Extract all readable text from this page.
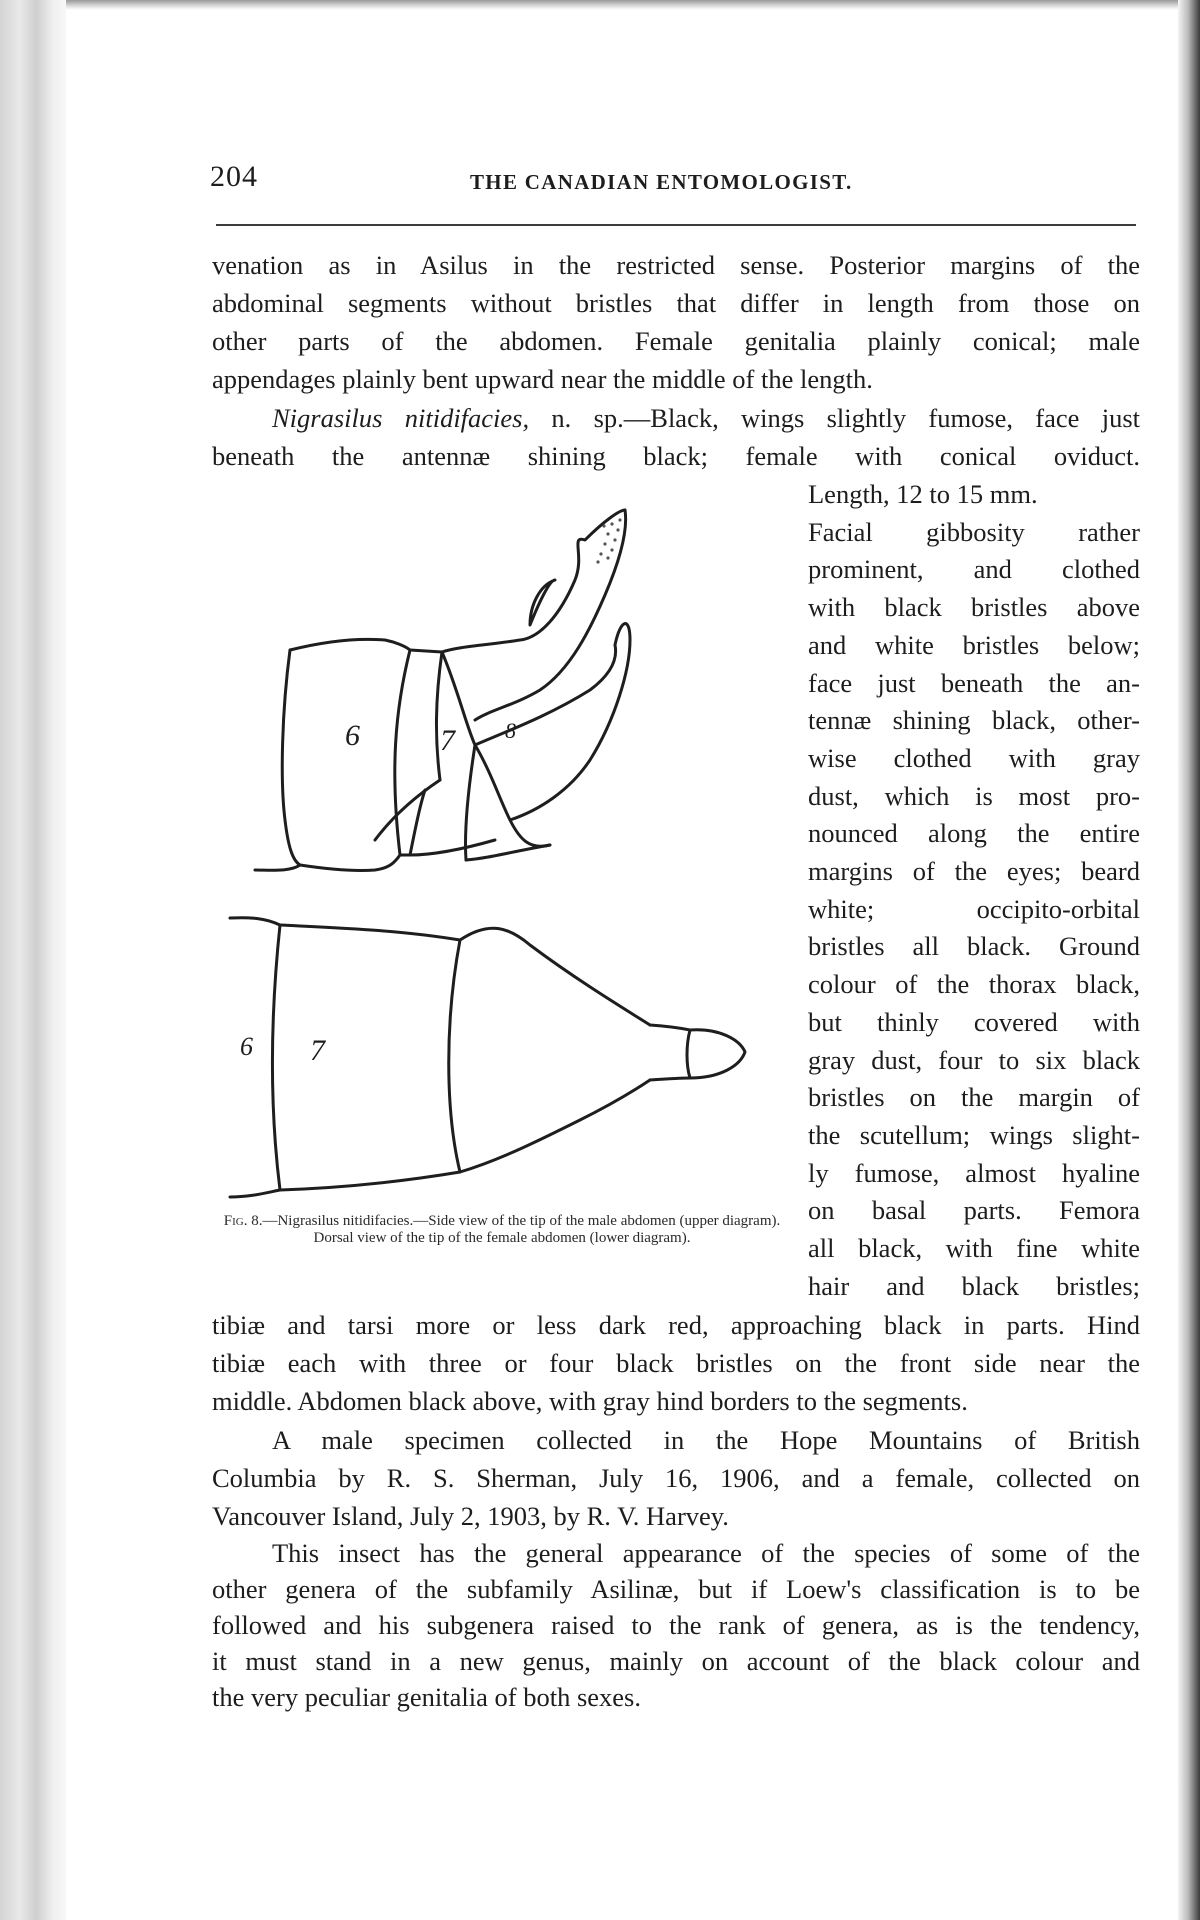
204	THE CANADIAN ENTOMOLOGIST.
venation as in Asilus in the restricted sense. Posterior margins of the
abdominal segments without bristles that differ in length from those on
other parts of the abdomen. Female genitalia plainly conical; male
appendages plainly bent upward near the middle of the length.
Nigrasilus nitidifacies, n. sp.—Black, wings slightly fumose, face just
beneath the antennæ shining black; female with conical oviduct.
Length, 12 to 15 mm.
Facial gibbosity rather
prominent, and clothed
with black bristles above
and white bristles below;
face just beneath the an-
tennæ shining black, other-
wise clothed with gray
dust, which is most pro-
nounced along the entire
margins of the eyes; beard
white; occipito-orbital
bristles all black. Ground
colour of the thorax black,
but thinly covered with
gray dust, four to six black
bristles on the margin of
the scutellum; wings slight-
ly fumose, almost hyaline
on basal parts. Femora
all black, with fine white
hair and black bristles;
6	7 8
6 7
Fig. 8.—Nigrasilus nitidifacies.—Side view of the tip of the male abdomen (upper diagram). Dorsal view of the tip of the female abdomen (lower diagram).
tibiæ and tarsi more or less dark red, approaching black in parts. Hind
tibiæ each with three or four black bristles on the front side near the
middle. Abdomen black above, with gray hind borders to the segments.
A male specimen collected in the Hope Mountains of British
Columbia by R. S. Sherman, July 16, 1906, and a female, collected on
Vancouver Island, July 2, 1903, by R. V. Harvey.
This insect has the general appearance of the species of some of the
other genera of the subfamily Asilinæ, but if Loew's classification is to be
followed and his subgenera raised to the rank of genera, as is the tendency,
it must stand in a new genus, mainly on account of the black colour and
the very peculiar genitalia of both sexes.
